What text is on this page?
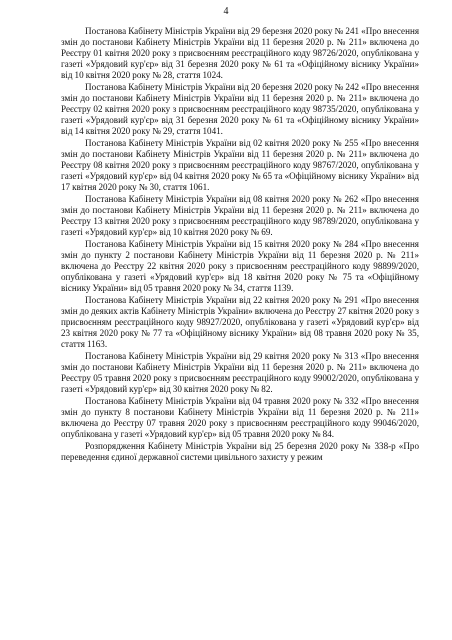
4

Постанова Кабінету Міністрів України від 29 березня 2020 року № 241 «Про внесення змін до постанови Кабінету Міністрів України від 11 березня 2020 р. № 211» включена до Реєстру 01 квітня 2020 року з присвоєнням реєстраційного коду 98726/2020, опублікована у газеті «Урядовий кур'єр» від 31 березня 2020 року № 61 та «Офіційному віснику України» від 10 квітня 2020 року № 28, стаття 1024.

Постанова Кабінету Міністрів України від 20 березня 2020 року № 242 «Про внесення змін до постанови Кабінету Міністрів України від 11 березня 2020 р. № 211» включена до Реєстру 02 квітня 2020 року з присвоєнням реєстраційного коду 98735/2020, опублікована у газеті «Урядовий кур'єр» від 31 березня 2020 року № 61 та «Офіційному віснику України» від 14 квітня 2020 року № 29, стаття 1041.

Постанова Кабінету Міністрів України від 02 квітня 2020 року № 255 «Про внесення змін до постанови Кабінету Міністрів України від 11 березня 2020 р. № 211» включена до Реєстру 08 квітня 2020 року з присвоєнням реєстраційного коду 98767/2020, опублікована у газеті «Урядовий кур'єр» від 04 квітня 2020 року № 65 та «Офіційному віснику України» від 17 квітня 2020 року № 30, стаття 1061.

Постанова Кабінету Міністрів України від 08 квітня 2020 року № 262 «Про внесення змін до постанови Кабінету Міністрів України від 11 березня 2020 р. № 211» включена до Реєстру 13 квітня 2020 року з присвоєнням реєстраційного коду 98789/2020, опублікована у газеті «Урядовий кур'єр» від 10 квітня 2020 року № 69.

Постанова Кабінету Міністрів України від 15 квітня 2020 року № 284 «Про внесення змін до пункту 2 постанови Кабінету Міністрів України від 11 березня 2020 р. № 211» включена до Реєстру 22 квітня 2020 року з присвоєнням реєстраційного коду 98899/2020, опублікована у газеті «Урядовий кур'єр» від 18 квітня 2020 року № 75 та «Офіційному віснику України» від 05 травня 2020 року № 34, стаття 1139.

Постанова Кабінету Міністрів України від 22 квітня 2020 року № 291 «Про внесення змін до деяких актів Кабінету Міністрів України» включена до Реєстру 27 квітня 2020 року з присвоєнням реєстраційного коду 98927/2020, опублікована у газеті «Урядовий кур'єр» від 23 квітня 2020 року № 77 та «Офіційному віснику України» від 08 травня 2020 року № 35, стаття 1163.

Постанова Кабінету Міністрів України від 29 квітня 2020 року № 313 «Про внесення змін до постанови Кабінету Міністрів України від 11 березня 2020 р. № 211» включена до Реєстру 05 травня 2020 року з присвоєнням реєстраційного коду 99002/2020, опублікована у газеті «Урядовий кур'єр» від 30 квітня 2020 року № 82.

Постанова Кабінету Міністрів України від 04 травня 2020 року № 332 «Про внесення змін до пункту 8 постанови Кабінету Міністрів України від 11 березня 2020 р. № 211» включена до Реєстру 07 травня 2020 року з присвоєнням реєстраційного коду 99046/2020, опублікована у газеті «Урядовий кур'єр» від 05 травня 2020 року № 84.

Розпорядження Кабінету Міністрів України від 25 березня 2020 року № 338-р «Про переведення єдиної державної системи цивільного захисту у режим
